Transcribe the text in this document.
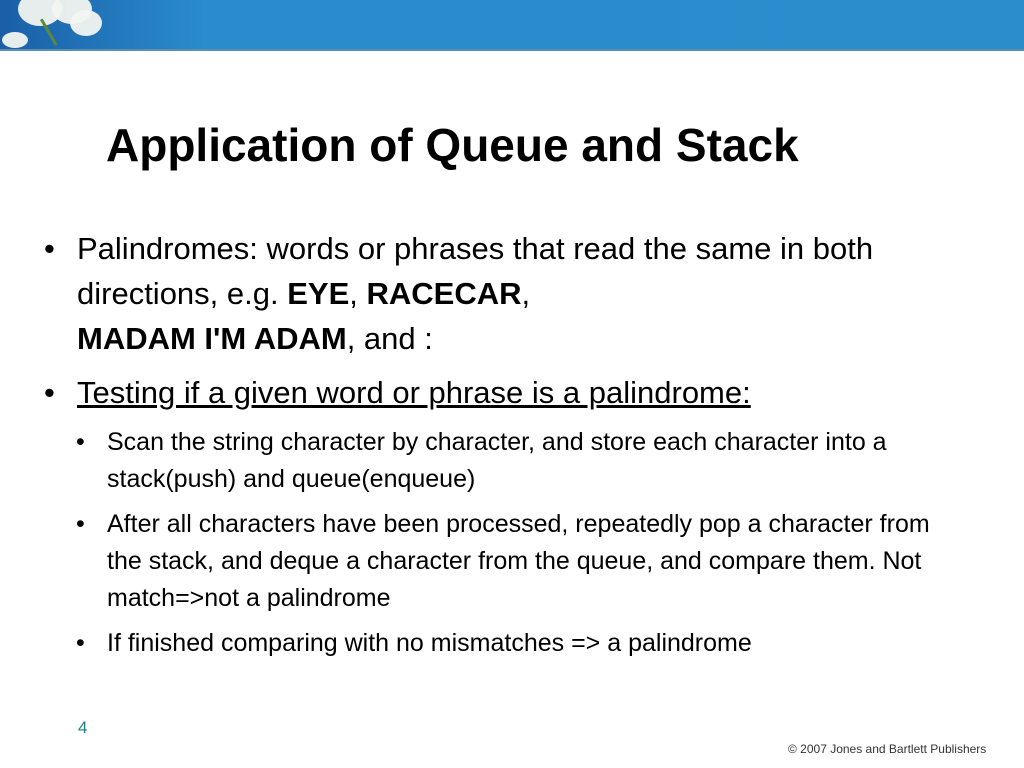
Application of Queue and Stack
• Palindromes: words or phrases that read the same in both directions, e.g. EYE, RACECAR,
MADAM I'M ADAM, and :
• Testing if a given word or phrase is a palindrome:
• Scan the string character by character, and store each character into a stack(push) and queue(enqueue)
• After all characters have been processed, repeatedly pop a character from the stack, and deque a character from the queue, and compare them. Not match=>not a palindrome
• If finished comparing with no mismatches => a palindrome
4
© 2007 Jones and Bartlett Publishers
